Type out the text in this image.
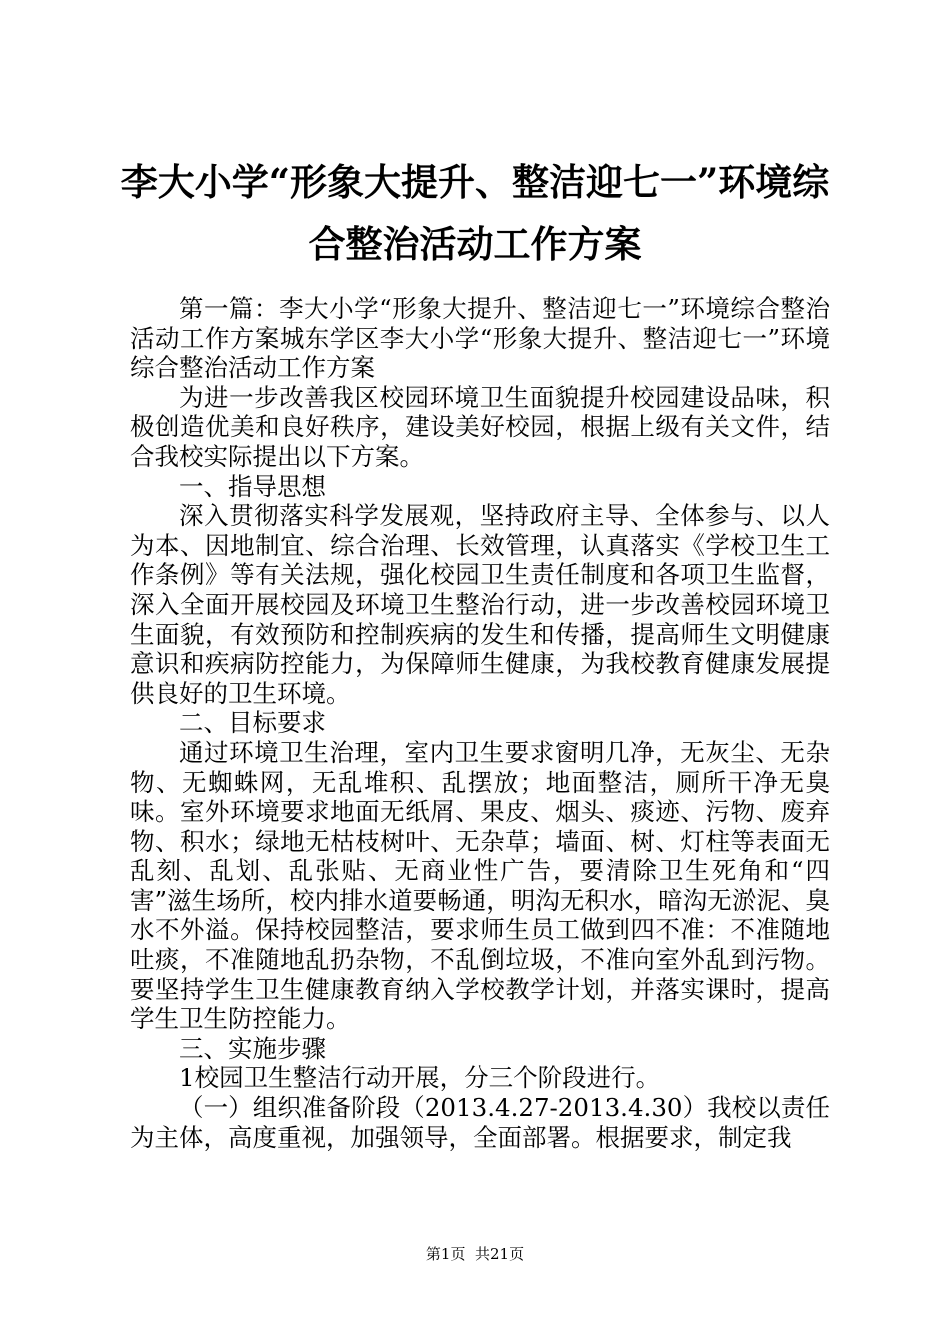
李大小学“形象大提升、整洁迎七一”环境综
合整治活动工作方案

第一篇：李大小学“形象大提升、整洁迎七一”环境综合整治活动工作方案城东学区李大小学“形象大提升、整洁迎七一”环境综合整治活动工作方案

为进一步改善我区校园环境卫生面貌提升校园建设品味，积极创造优美和良好秩序，建设美好校园，根据上级有关文件，结合我校实际提出以下方案。

一、指导思想

深入贯彻落实科学发展观，坚持政府主导、全体参与、以人为本、因地制宜、综合治理、长效管理，认真落实《学校卫生工作条例》等有关法规，强化校园卫生责任制度和各项卫生监督，深入全面开展校园及环境卫生整治行动，进一步改善校园环境卫生面貌，有效预防和控制疾病的发生和传播，提高师生文明健康意识和疾病防控能力，为保障师生健康，为我校教育健康发展提供良好的卫生环境。

二、目标要求

通过环境卫生治理，室内卫生要求窗明几净，无灰尘、无杂物、无蜘蛛网，无乱堆积、乱摆放；地面整洁，厕所干净无臭味。室外环境要求地面无纸屑、果皮、烟头、痰迹、污物、废弃物、积水；绿地无枯枝树叶、无杂草；墙面、树、灯柱等表面无乱刻、乱划、乱张贴、无商业性广告，要清除卫生死角和“四害”滋生场所，校内排水道要畅通，明沟无积水，暗沟无淤泥、臭水不外溢。保持校园整洁，要求师生员工做到四不准：不准随地吐痰，不准随地乱扔杂物，不乱倒垃圾，不准向室外乱到污物。要坚持学生卫生健康教育纳入学校教学计划，并落实课时，提高学生卫生防控能力。

三、实施步骤

1校园卫生整洁行动开展，分三个阶段进行。

（一）组织准备阶段（2013.4.27-2013.4.30）我校以责任为主体，高度重视，加强领导，全面部署。根据要求，制定我

第1页  共21页
